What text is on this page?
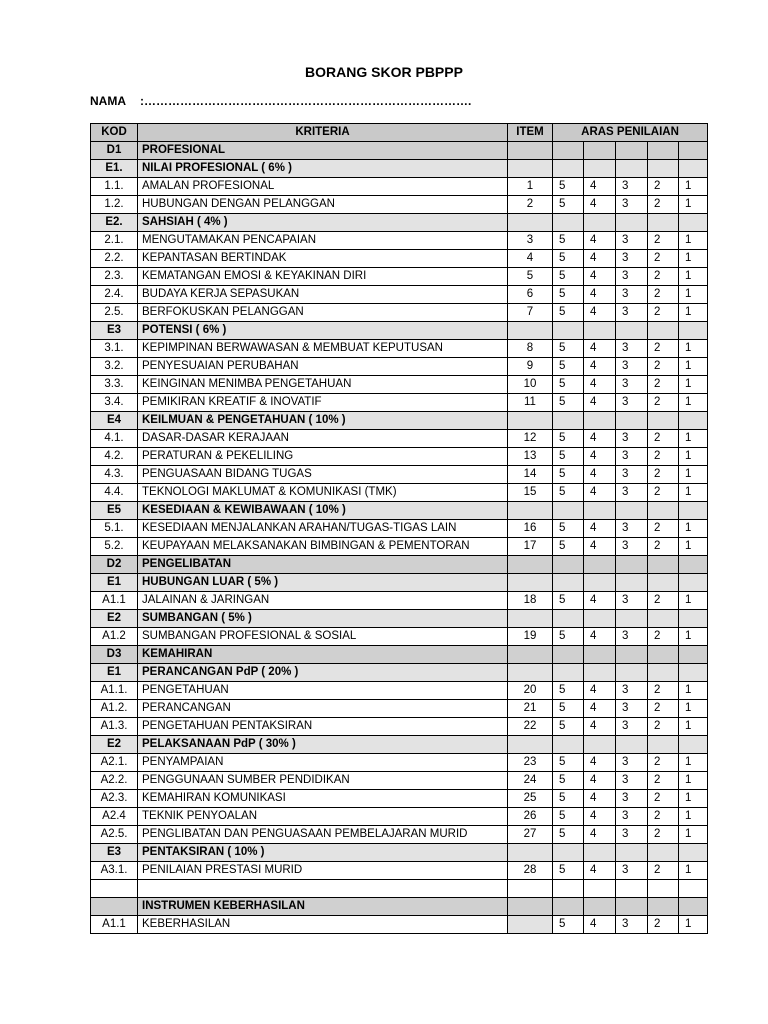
BORANG SKOR PBPPP
NAMA :……………………………………………………………………….
KOD	KRITERIA	ITEM	ARAS PENILAIAN				
D1	PROFESIONAL						
E1.	NILAI PROFESIONAL ( 6% )						
1.1.	AMALAN PROFESIONAL	1	5	4	3	2	1
1.2.	HUBUNGAN DENGAN PELANGGAN	2	5	4	3	2	1
E2.	SAHSIAH ( 4% )						
2.1.	MENGUTAMAKAN PENCAPAIAN	3	5	4	3	2	1
2.2.	KEPANTASAN BERTINDAK	4	5	4	3	2	1
2.3.	KEMATANGAN EMOSI & KEYAKINAN DIRI	5	5	4	3	2	1
2.4.	BUDAYA KERJA SEPASUKAN	6	5	4	3	2	1
2.5.	BERFOKUSKAN PELANGGAN	7	5	4	3	2	1
E3	POTENSI ( 6% )						
3.1.	KEPIMPINAN BERWAWASAN & MEMBUAT KEPUTUSAN	8	5	4	3	2	1
3.2.	PENYESUAIAN PERUBAHAN	9	5	4	3	2	1
3.3.	KEINGINAN MENIMBA PENGETAHUAN	10	5	4	3	2	1
3.4.	PEMIKIRAN KREATIF & INOVATIF	11	5	4	3	2	1
E4	KEILMUAN & PENGETAHUAN ( 10% )						
4.1.	DASAR-DASAR KERAJAAN	12	5	4	3	2	1
4.2.	PERATURAN & PEKELILING	13	5	4	3	2	1
4.3.	PENGUASAAN BIDANG TUGAS	14	5	4	3	2	1
4.4.	TEKNOLOGI MAKLUMAT & KOMUNIKASI (TMK)	15	5	4	3	2	1
E5	KESEDIAAN & KEWIBAWAAN ( 10% )						
5.1.	KESEDIAAN MENJALANKAN ARAHAN/TUGAS-TIGAS LAIN	16	5	4	3	2	1
5.2.	KEUPAYAAN MELAKSANAKAN BIMBINGAN & PEMENTORAN	17	5	4	3	2	1
D2	PENGELIBATAN						
E1	HUBUNGAN LUAR ( 5% )						
A1.1	JALAINAN & JARINGAN	18	5	4	3	2	1
E2	SUMBANGAN ( 5% )						
A1.2	SUMBANGAN PROFESIONAL & SOSIAL	19	5	4	3	2	1
D3	KEMAHIRAN						
E1	PERANCANGAN PdP ( 20% )						
A1.1.	PENGETAHUAN	20	5	4	3	2	1
A1.2.	PERANCANGAN	21	5	4	3	2	1
A1.3.	PENGETAHUAN PENTAKSIRAN	22	5	4	3	2	1
E2	PELAKSANAAN PdP ( 30% )						
A2.1.	PENYAMPAIAN	23	5	4	3	2	1
A2.2.	PENGGUNAAN SUMBER PENDIDIKAN	24	5	4	3	2	1
A2.3.	KEMAHIRAN KOMUNIKASI	25	5	4	3	2	1
A2.4	TEKNIK PENYOALAN	26	5	4	3	2	1
A2.5.	PENGLIBATAN DAN PENGUASAAN PEMBELAJARAN MURID	27	5	4	3	2	1
E3	PENTAKSIRAN ( 10% )						
A3.1.	PENILAIAN PRESTASI MURID	28	5	4	3	2	1

	INSTRUMEN KEBERHASILAN						
A1.1	KEBERHASILAN		5	4	3	2	1
